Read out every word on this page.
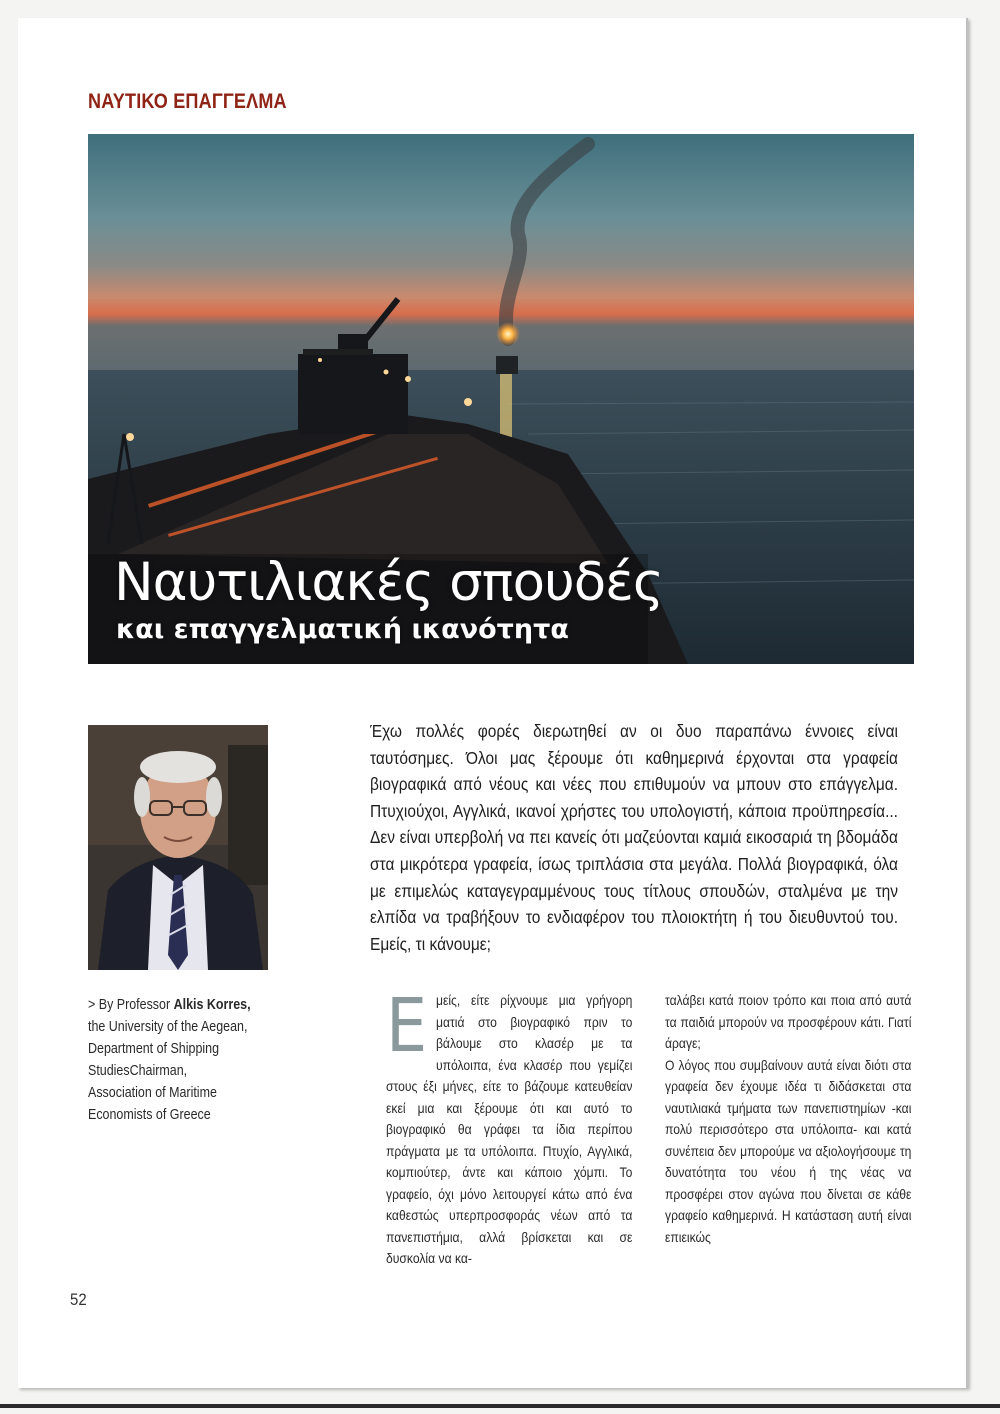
ΝΑΥΤΙΚΟ ΕΠΑΓΓΕΛΜΑ
Ναυτιλιακές σπουδές
και επαγγελματική ικανότητα
> By Professor Alkis Korres,
the University of the Aegean,
Department of Shipping
StudiesChairman,
Association of Maritime
Economists of Greece
Έχω πολλές φορές διερωτηθεί αν οι δυο παραπάνω έννοιες είναι ταυτόσημες. Όλοι μας ξέρουμε ότι καθημερινά έρχονται στα γραφεία βιογραφικά από νέους και νέες που επιθυμούν να μπουν στο επάγγελμα. Πτυχιούχοι, Αγγλικά, ικανοί χρήστες του υπολογιστή, κάποια προϋπηρεσία... Δεν είναι υπερβολή να πει κανείς ότι μαζεύονται καμιά εικοσαριά τη βδομάδα στα μικρότερα γραφεία, ίσως τριπλάσια στα μεγάλα. Πολλά βιογραφικά, όλα με επιμελώς καταγεγραμμένους τους τίτλους σπουδών, σταλμένα με την ελπίδα να τραβήξουν το ενδιαφέρον του πλοιοκτήτη ή του διευθυντού του. Εμείς, τι κάνουμε;
Ε μείς, είτε ρίχνουμε μια γρήγορη ματιά στο βιογραφικό πριν το βάλουμε στο κλασέρ με τα υπόλοιπα, ένα κλασέρ που γεμίζει στους έξι μήνες, είτε το βάζουμε κατευθείαν εκεί μια και ξέρουμε ότι και αυτό το βιογραφικό θα γράφει τα ίδια περίπου πράγματα με τα υπόλοιπα. Πτυχίο, Αγγλικά, κομπιούτερ, άντε και κάποιο χόμπι. Το γραφείο, όχι μόνο λειτουργεί κάτω από ένα καθεστώς υπερπροσφοράς νέων από τα πανεπιστήμια, αλλά βρίσκεται και σε δυσκολία να κα-

ταλάβει κατά ποιον τρόπο και ποια από αυτά τα παιδιά μπορούν να προσφέρουν κάτι. Γιατί άραγε;

Ο λόγος που συμβαίνουν αυτά είναι διότι στα γραφεία δεν έχουμε ιδέα τι διδάσκεται στα ναυτιλιακά τμήματα των πανεπιστημίων -και πολύ περισσότερο στα υπόλοιπα- και κατά συνέπεια δεν μπορούμε να αξιολογήσουμε τη δυνατότητα του νέου ή της νέας να προσφέρει στον αγώνα που δίνεται σε κάθε γραφείο καθημερινά. Η κατάσταση αυτή είναι επιεικώς

52
